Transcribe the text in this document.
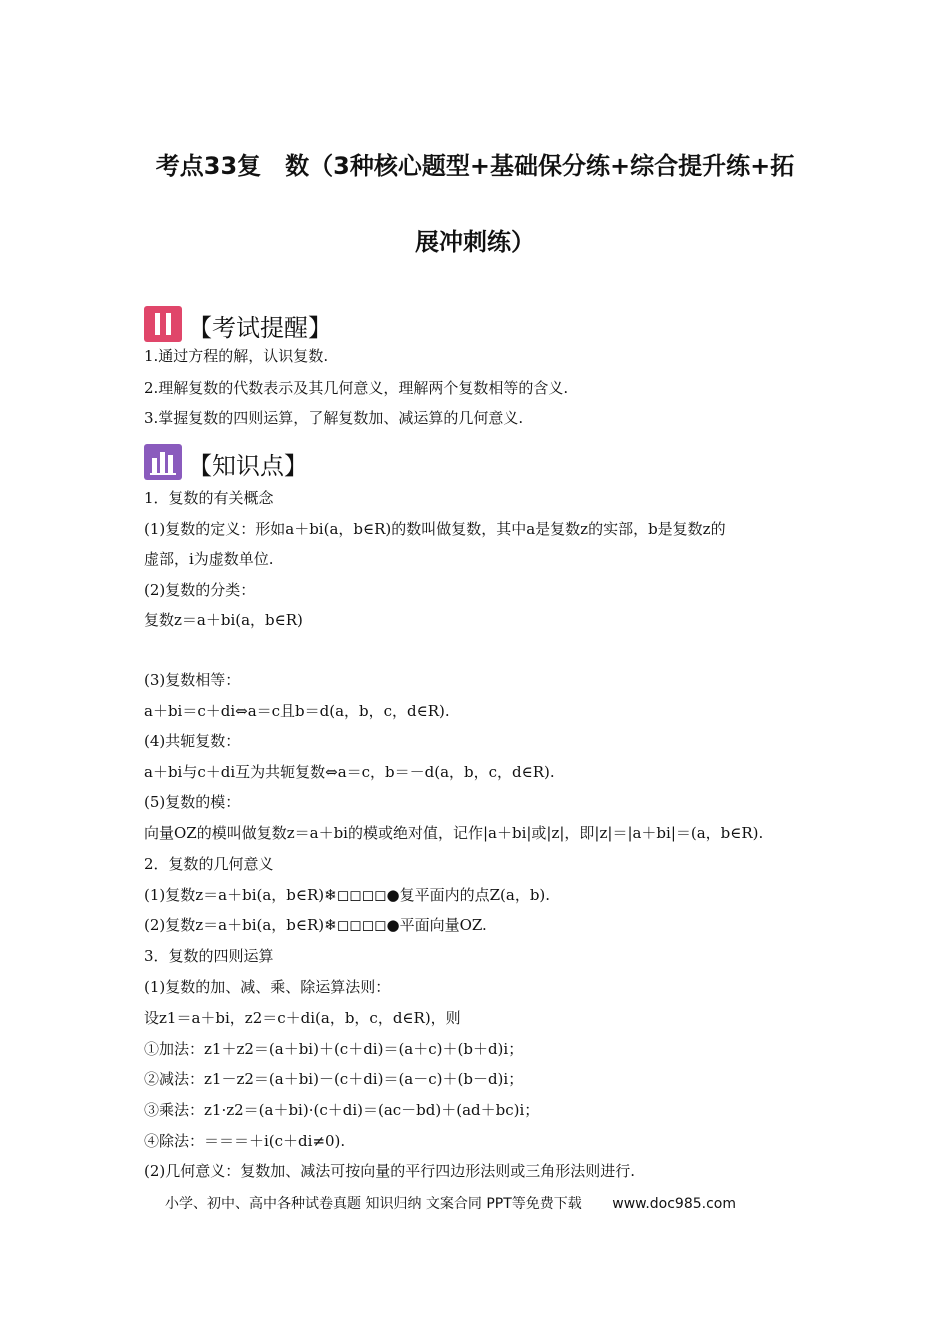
考点33复　数（3种核心题型+基础保分练+综合提升练+拓
展冲刺练）
【考试提醒】
1.通过方程的解，认识复数.
2.理解复数的代数表示及其几何意义，理解两个复数相等的含义.
3.掌握复数的四则运算，了解复数加、减运算的几何意义.
【知识点】
1．复数的有关概念
(1)复数的定义：形如a＋bi(a，b∈R)的数叫做复数，其中a是复数z的实部，b是复数z的
虚部，i为虚数单位.
(2)复数的分类：
复数z＝a＋bi(a，b∈R)
(3)复数相等：
a＋bi＝c＋di⇔a＝c且b＝d(a，b，c，d∈R).
(4)共轭复数：
a＋bi与c＋di互为共轭复数⇔a＝c，b＝－d(a，b，c，d∈R).
(5)复数的模：
向量OZ的模叫做复数z＝a＋bi的模或绝对值，记作|a＋bi|或|z|，即|z|＝|a＋bi|＝(a，b∈R).
2．复数的几何意义
(1)复数z＝a＋bi(a，b∈R)❄◻◻◻◻●复平面内的点Z(a，b).
(2)复数z＝a＋bi(a，b∈R)❄◻◻◻◻●平面向量OZ.
3．复数的四则运算
(1)复数的加、减、乘、除运算法则：
设z1＝a＋bi，z2＝c＋di(a，b，c，d∈R)，则
①加法：z1＋z2＝(a＋bi)＋(c＋di)＝(a＋c)＋(b＋d)i；
②减法：z1－z2＝(a＋bi)－(c＋di)＝(a－c)＋(b－d)i；
③乘法：z1·z2＝(a＋bi)·(c＋di)＝(ac－bd)＋(ad＋bc)i；
④除法：＝＝＝＋i(c＋di≠0).
(2)几何意义：复数加、减法可按向量的平行四边形法则或三角形法则进行.
小学、初中、高中各种试卷真题 知识归纳 文案合同 PPT等免费下载 www.doc985.com
